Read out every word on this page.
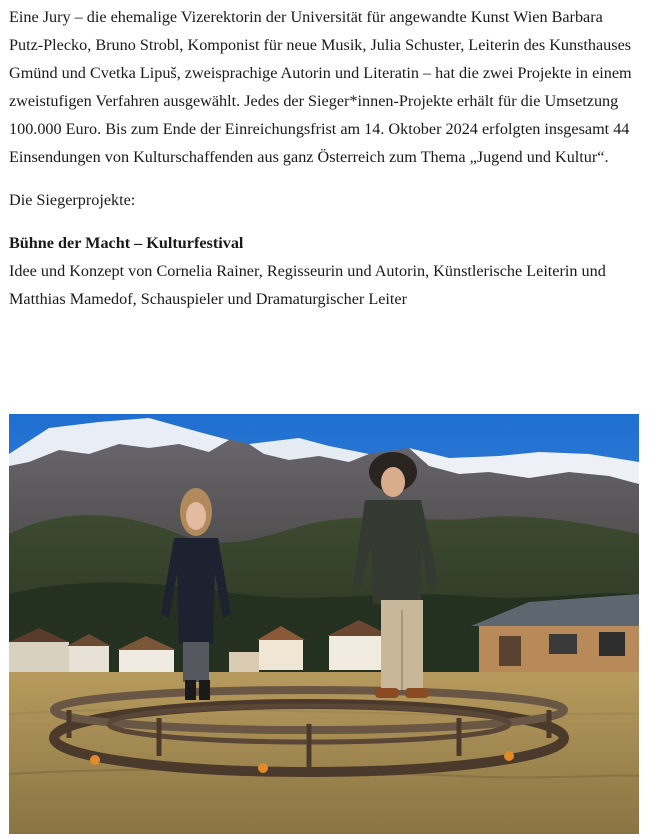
Eine Jury – die ehemalige Vizerektorin der Universität für angewandte Kunst Wien Barbara Putz-Plecko, Bruno Strobl, Komponist für neue Musik, Julia Schuster, Leiterin des Kunsthauses Gmünd und Cvetka Lipuš, zweisprachige Autorin und Literatin – hat die zwei Projekte in einem zweistufigen Verfahren ausgewählt. Jedes der Sieger*innen-Projekte erhält für die Umsetzung 100.000 Euro. Bis zum Ende der Einreichungsfrist am 14. Oktober 2024 erfolgten insgesamt 44 Einsendungen von Kulturschaffenden aus ganz Österreich zum Thema „Jugend und Kultur“.

Die Siegerprojekte:

Bühne der Macht – Kulturfestival
Idee und Konzept von Cornelia Rainer, Regisseurin und Autorin, Künstlerische Leiterin und Matthias Mamedof, Schauspieler und Dramaturgischer Leiter
